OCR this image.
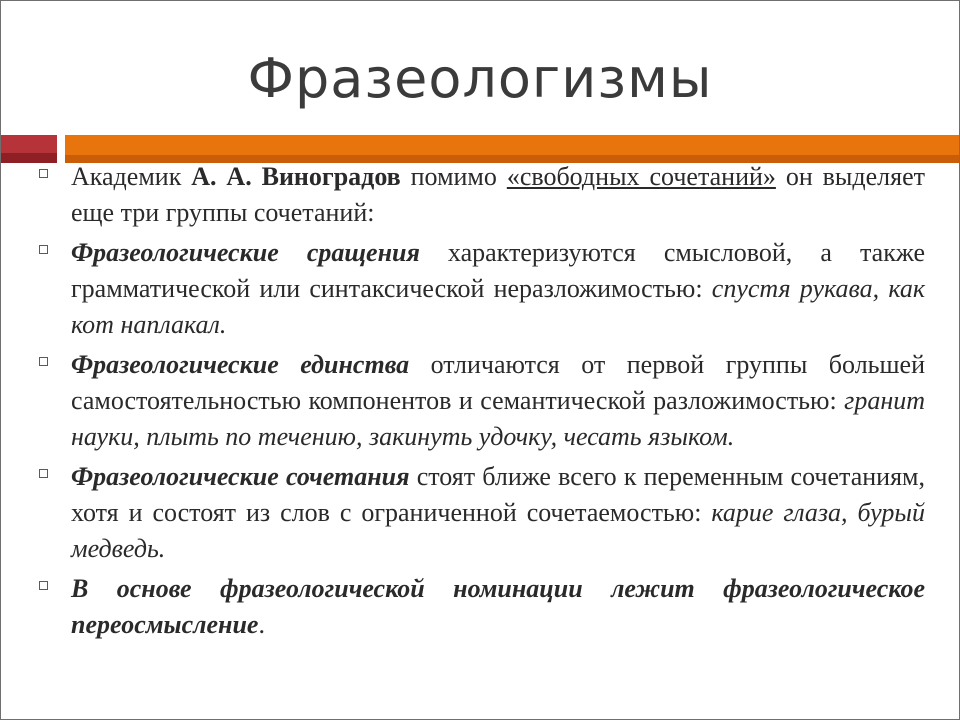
Фразеологизмы
Академик А. А. Виноградов помимо «свободных сочетаний» он выделяет еще три группы сочетаний:
Фразеологические сращения характеризуются смысловой, а также грамматической или синтаксической неразложимостью: спустя рукава, как кот наплакал.
Фразеологические единства отличаются от первой группы большей самостоятельностью компонентов и семантической разложимостью: гранит науки, плыть по течению, закинуть удочку, чесать языком.
Фразеологические сочетания стоят ближе всего к переменным сочетаниям, хотя и состоят из слов с ограниченной сочетаемостью: карие глаза, бурый медведь.
В основе фразеологической номинации лежит фразеологическое переосмысление.
